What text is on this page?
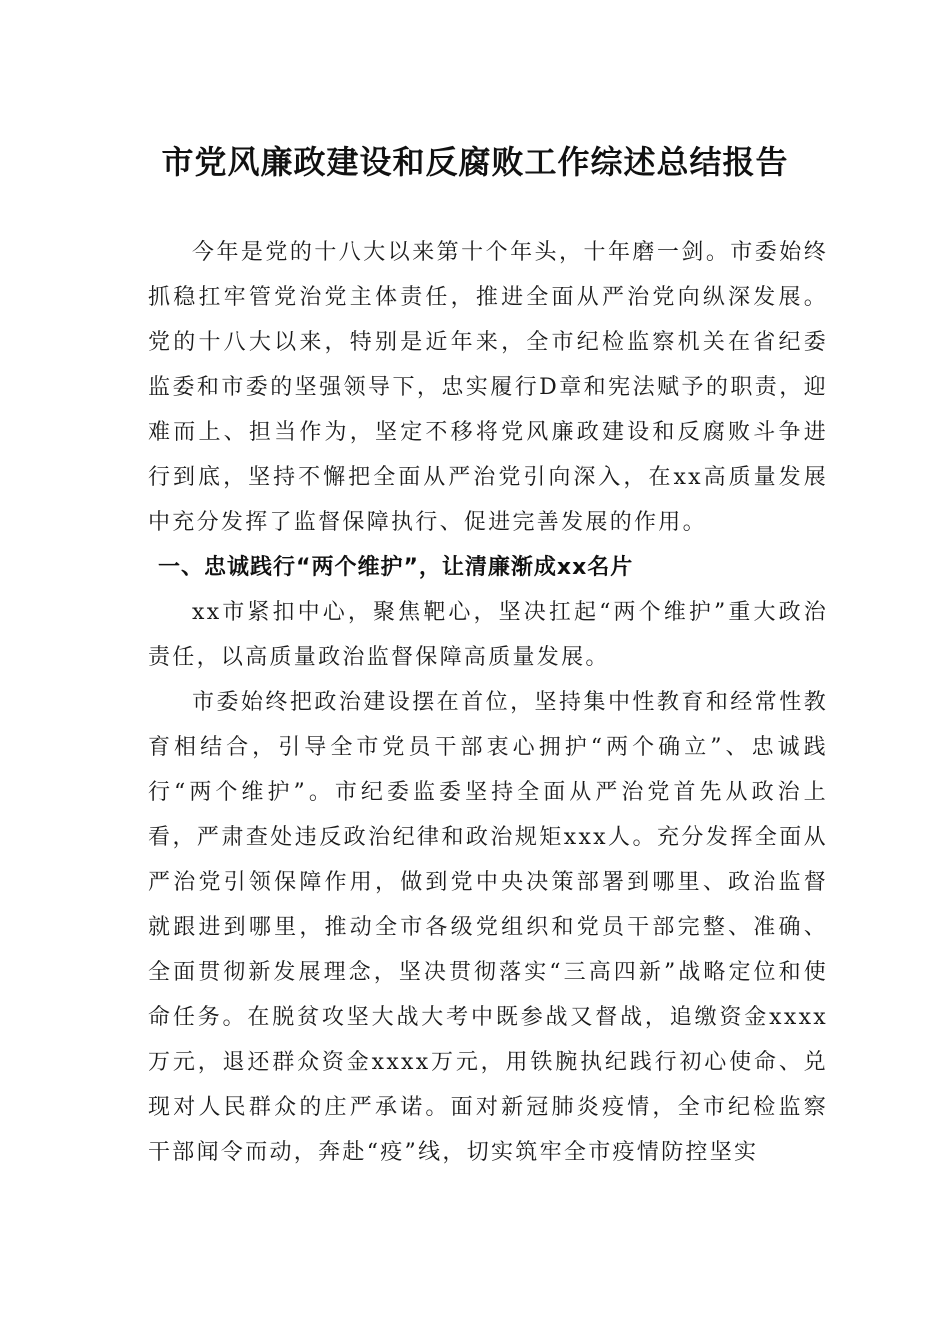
市党风廉政建设和反腐败工作综述总结报告

今年是党的十八大以来第十个年头，十年磨一剑。市委始终抓稳扛牢管党治党主体责任，推进全面从严治党向纵深发展。党的十八大以来，特别是近年来，全市纪检监察机关在省纪委监委和市委的坚强领导下，忠实履行D章和宪法赋予的职责，迎难而上、担当作为，坚定不移将党风廉政建设和反腐败斗争进行到底，坚持不懈把全面从严治党引向深入，在xx高质量发展中充分发挥了监督保障执行、促进完善发展的作用。

一、忠诚践行“两个维护”，让清廉渐成xx名片

xx市紧扣中心，聚焦靶心，坚决扛起“两个维护”重大政治责任，以高质量政治监督保障高质量发展。

市委始终把政治建设摆在首位，坚持集中性教育和经常性教育相结合，引导全市党员干部衷心拥护“两个确立”、忠诚践行“两个维护”。市纪委监委坚持全面从严治党首先从政治上看，严肃查处违反政治纪律和政治规矩xxx人。充分发挥全面从严治党引领保障作用，做到党中央决策部署到哪里、政治监督就跟进到哪里，推动全市各级党组织和党员干部完整、准确、全面贯彻新发展理念，坚决贯彻落实“三高四新”战略定位和使命任务。在脱贫攻坚大战大考中既参战又督战，追缴资金xxxx万元，退还群众资金xxxx万元，用铁腕执纪践行初心使命、兑现对人民群众的庄严承诺。面对新冠肺炎疫情，全市纪检监察干部闻令而动，奔赴“疫”线，切实筑牢全市疫情防控坚实
